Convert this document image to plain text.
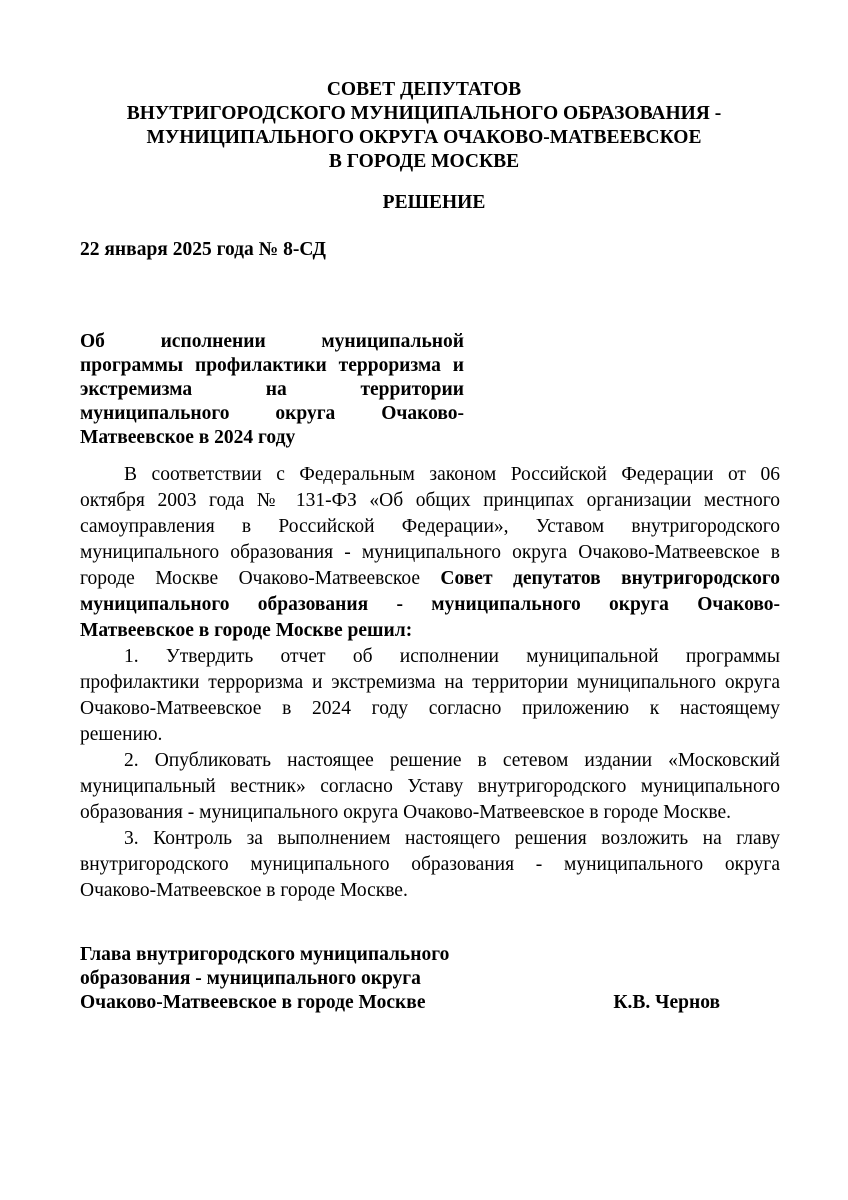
СОВЕТ ДЕПУТАТОВ
ВНУТРИГОРОДСКОГО МУНИЦИПАЛЬНОГО ОБРАЗОВАНИЯ -
МУНИЦИПАЛЬНОГО ОКРУГА ОЧАКОВО-МАТВЕЕВСКОЕ
В ГОРОДЕ МОСКВЕ
РЕШЕНИЕ
22 января 2025 года № 8-СД
Об исполнении муниципальной
программы профилактики терроризма и
экстремизма на территории
муниципального округа Очаково-
Матвеевское в 2024 году
В соответствии с Федеральным законом Российской Федерации от 06
октября 2003 года № 131-ФЗ «Об общих принципах организации местного
самоуправления в Российской Федерации», Уставом внутригородского
муниципального образования - муниципального округа Очаково-Матвеевское в
городе Москве Очаково-Матвеевское Совет депутатов внутригородского
муниципального образования - муниципального округа Очаково-
Матвеевское в городе Москве решил:
1. Утвердить отчет об исполнении муниципальной программы
профилактики терроризма и экстремизма на территории муниципального округа
Очаково-Матвеевское в 2024 году согласно приложению к настоящему
решению.
2. Опубликовать настоящее решение в сетевом издании «Московский
муниципальный вестник» согласно Уставу внутригородского муниципального
образования - муниципального округа Очаково-Матвеевское в городе Москве.
3. Контроль за выполнением настоящего решения возложить на главу
внутригородского муниципального образования - муниципального округа
Очаково-Матвеевское в городе Москве.
Глава внутригородского муниципального
образования - муниципального округа
Очаково-Матвеевское в городе Москве	К.В. Чернов
